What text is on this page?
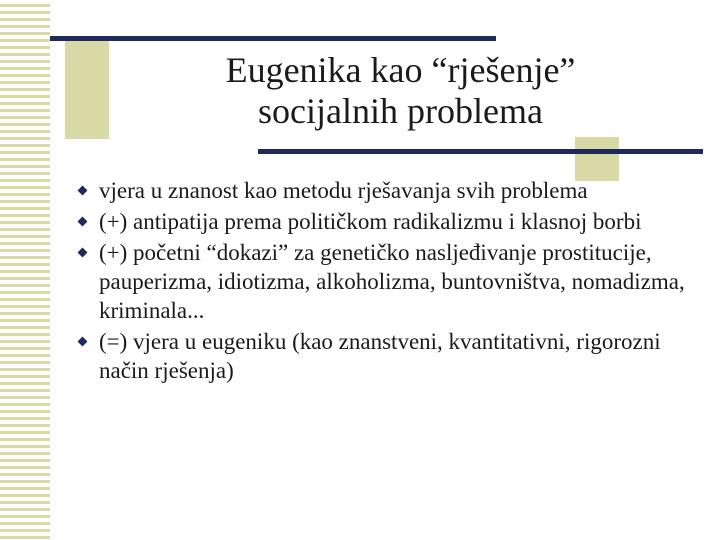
Eugenika kao “rješenje”
socijalnih problema
vjera u znanost kao metodu rješavanja svih problema
(+) antipatija prema političkom radikalizmu i klasnoj borbi
(+) početni “dokazi” za genetičko nasljeđivanje prostitucije, pauperizma, idiotizma, alkoholizma, buntovništva, nomadizma, kriminala...
(=) vjera u eugeniku (kao znanstveni, kvantitativni, rigorozni način rješenja)
